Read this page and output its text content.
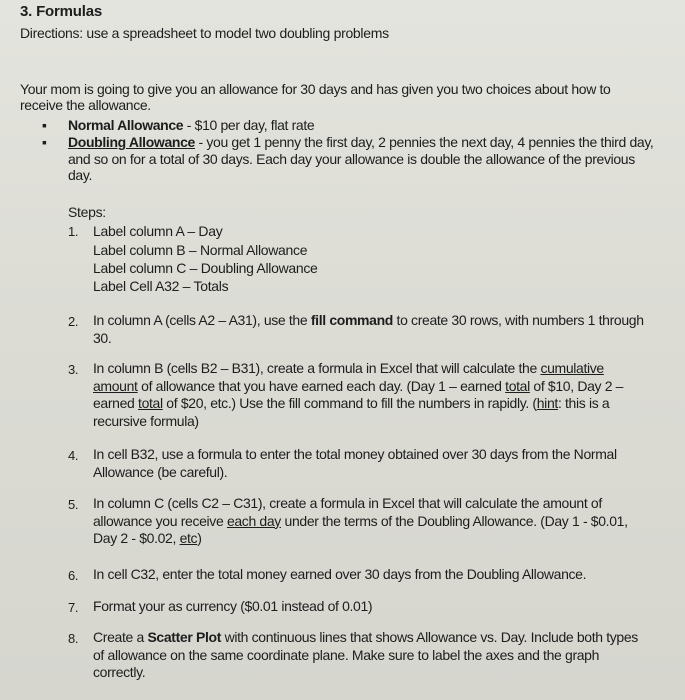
3. Formulas
Directions: use a spreadsheet to model two doubling problems
Your mom is going to give you an allowance for 30 days and has given you two choices about how to receive the allowance.
▪ Normal Allowance - $10 per day, flat rate
▪ Doubling Allowance - you get 1 penny the first day, 2 pennies the next day, 4 pennies the third day, and so on for a total of 30 days. Each day your allowance is double the allowance of the previous day.
Steps:
1. Label column A – Day
Label column B – Normal Allowance
Label column C – Doubling Allowance
Label Cell A32 – Totals
2. In column A (cells A2 – A31), use the fill command to create 30 rows, with numbers 1 through 30.
3. In column B (cells B2 – B31), create a formula in Excel that will calculate the cumulative amount of allowance that you have earned each day. (Day 1 – earned total of $10, Day 2 – earned total of $20, etc.) Use the fill command to fill the numbers in rapidly. (hint: this is a recursive formula)
4. In cell B32, use a formula to enter the total money obtained over 30 days from the Normal Allowance (be careful).
5. In column C (cells C2 – C31), create a formula in Excel that will calculate the amount of allowance you receive each day under the terms of the Doubling Allowance. (Day 1 - $0.01, Day 2 - $0.02, etc)
6. In cell C32, enter the total money earned over 30 days from the Doubling Allowance.
7. Format your as currency ($0.01 instead of 0.01)
8. Create a Scatter Plot with continuous lines that shows Allowance vs. Day. Include both types of allowance on the same coordinate plane. Make sure to label the axes and the graph correctly.
